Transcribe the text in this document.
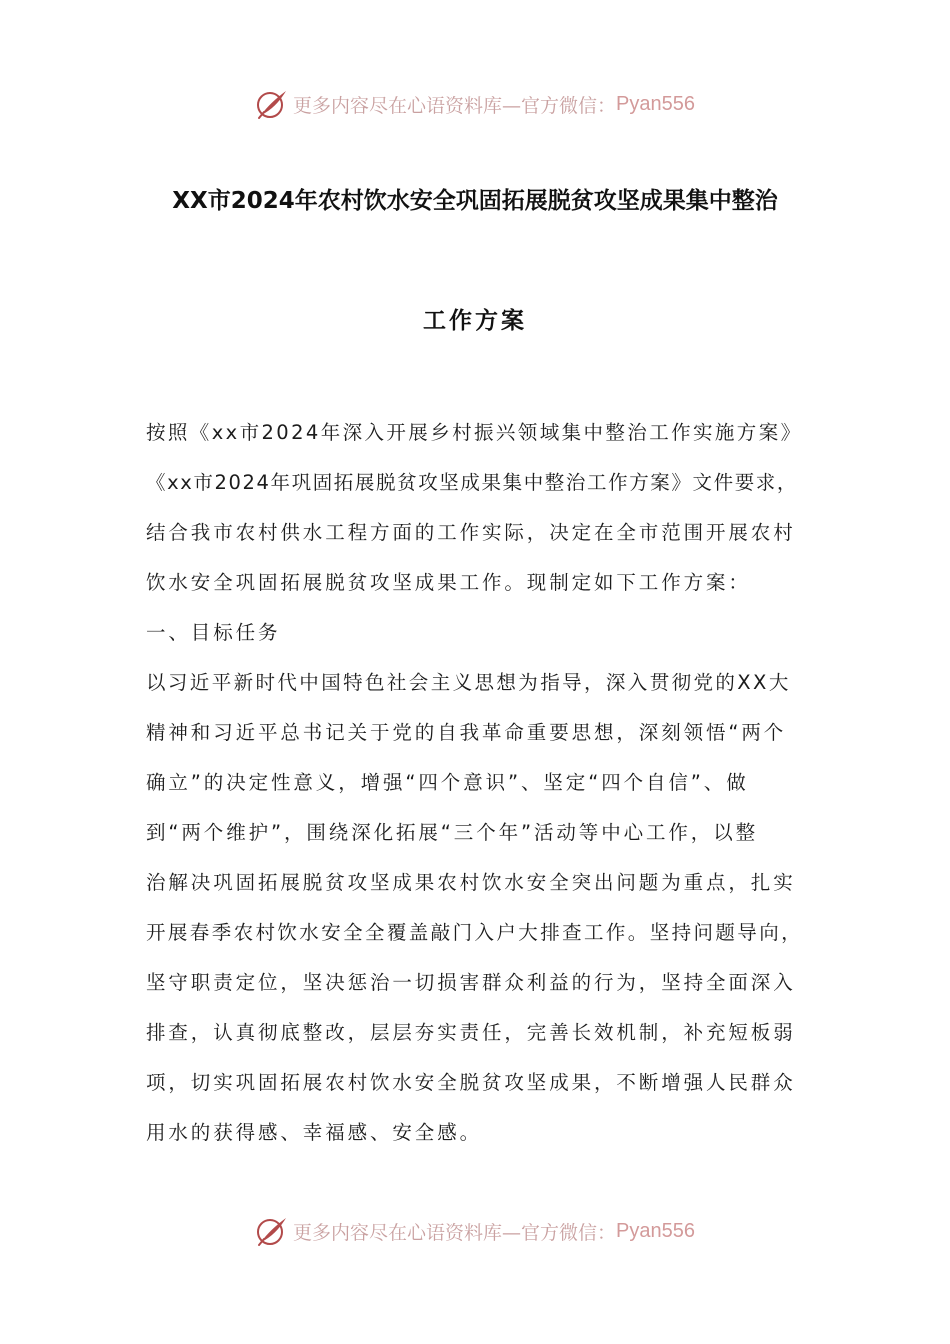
更多内容尽在心语资料库—官方微信： Pyan556
XX市2024年农村饮水安全巩固拓展脱贫攻坚成果集中整治
工作方案
按照《xx市2024年深入开展乡村振兴领域集中整治工作实施方案》
《xx市2024年巩固拓展脱贫攻坚成果集中整治工作方案》文件要求，
结合我市农村供水工程方面的工作实际，决定在全市范围开展农村
饮水安全巩固拓展脱贫攻坚成果工作。现制定如下工作方案：
一、目标任务
以习近平新时代中国特色社会主义思想为指导，深入贯彻党的XX大
精神和习近平总书记关于党的自我革命重要思想，深刻领悟“两个
确立”的决定性意义，增强“四个意识”、坚定“四个自信”、做
到“两个维护”，围绕深化拓展“三个年”活动等中心工作，以整
治解决巩固拓展脱贫攻坚成果农村饮水安全突出问题为重点，扎实
开展春季农村饮水安全全覆盖敲门入户大排查工作。坚持问题导向，
坚守职责定位，坚决惩治一切损害群众利益的行为，坚持全面深入
排查，认真彻底整改，层层夯实责任，完善长效机制，补充短板弱
项，切实巩固拓展农村饮水安全脱贫攻坚成果，不断增强人民群众
用水的获得感、幸福感、安全感。
更多内容尽在心语资料库—官方微信： Pyan556
